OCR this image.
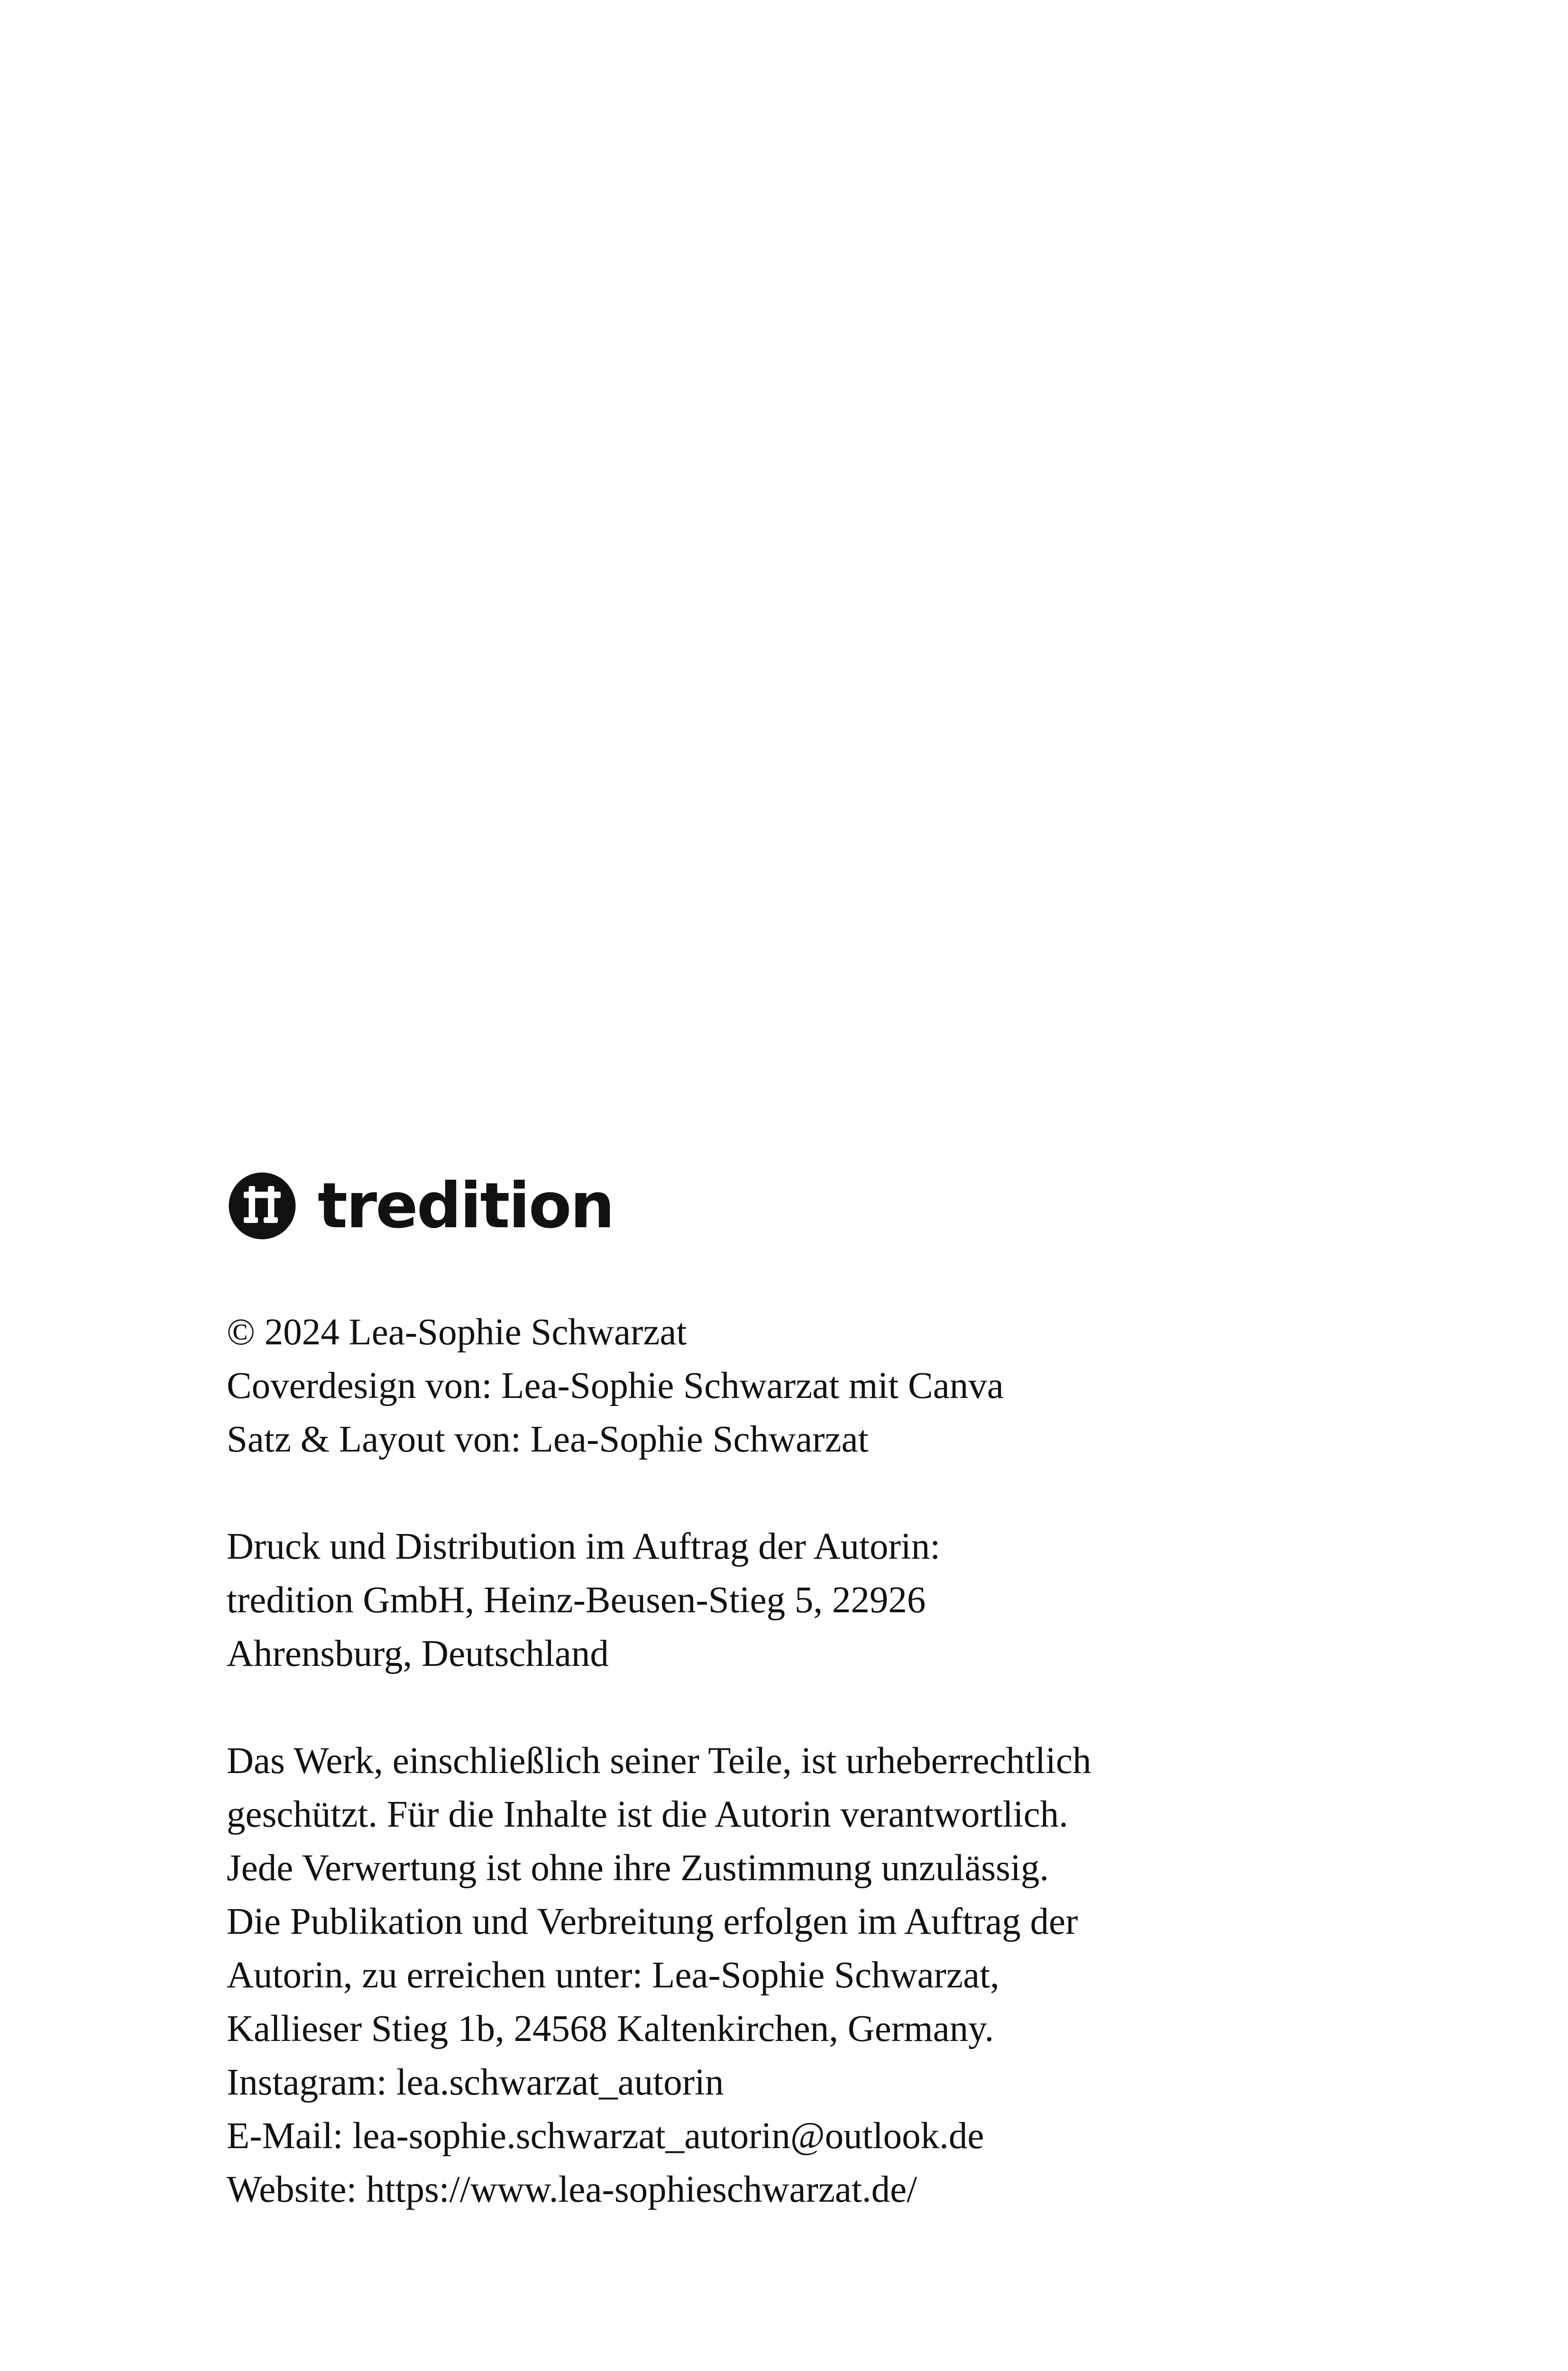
tredition

© 2024 Lea-Sophie Schwarzat
Coverdesign von: Lea-Sophie Schwarzat mit Canva
Satz & Layout von: Lea-Sophie Schwarzat

Druck und Distribution im Auftrag der Autorin:
tredition GmbH, Heinz-Beusen-Stieg 5, 22926
Ahrensburg, Deutschland

Das Werk, einschließlich seiner Teile, ist urheberrechtlich
geschützt. Für die Inhalte ist die Autorin verantwortlich.
Jede Verwertung ist ohne ihre Zustimmung unzulässig.
Die Publikation und Verbreitung erfolgen im Auftrag der
Autorin, zu erreichen unter: Lea-Sophie Schwarzat,
Kallieser Stieg 1b, 24568 Kaltenkirchen, Germany.
Instagram: lea.schwarzat_autorin
E-Mail: lea-sophie.schwarzat_autorin@outlook.de
Website: https://www.lea-sophieschwarzat.de/
